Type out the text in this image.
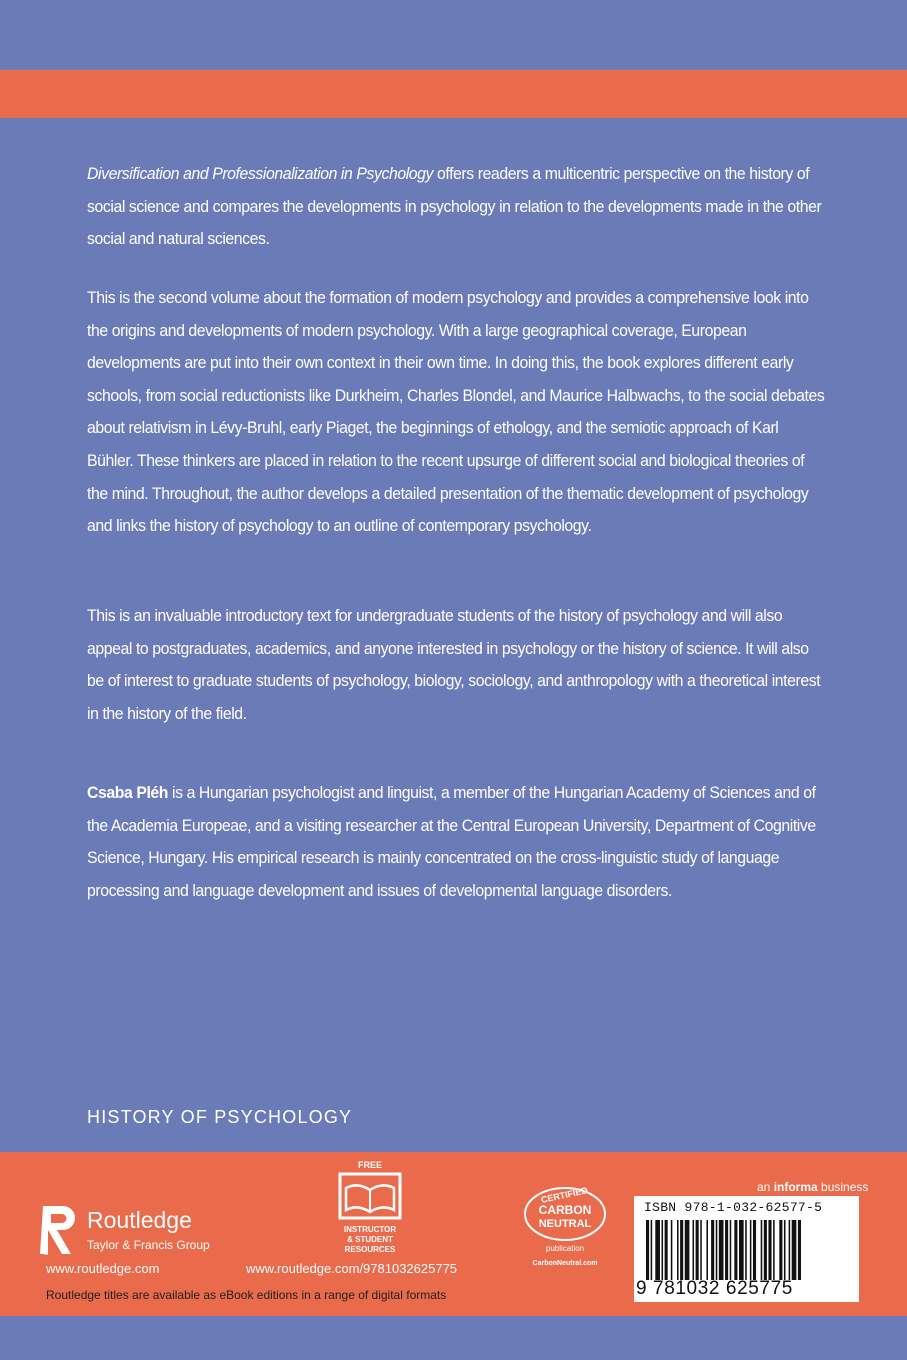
Diversification and Professionalization in Psychology offers readers a multicentric perspective on the history of social science and compares the developments in psychology in relation to the developments made in the other social and natural sciences.

This is the second volume about the formation of modern psychology and provides a comprehensive look into the origins and developments of modern psychology. With a large geographical coverage, European developments are put into their own context in their own time. In doing this, the book explores different early schools, from social reductionists like Durkheim, Charles Blondel, and Maurice Halbwachs, to the social debates about relativism in Lévy-Bruhl, early Piaget, the beginnings of ethology, and the semiotic approach of Karl Bühler. These thinkers are placed in relation to the recent upsurge of different social and biological theories of the mind. Throughout, the author develops a detailed presentation of the thematic development of psychology and links the history of psychology to an outline of contemporary psychology.

This is an invaluable introductory text for undergraduate students of the history of psychology and will also appeal to postgraduates, academics, and anyone interested in psychology or the history of science. It will also be of interest to graduate students of psychology, biology, sociology, and anthropology with a theoretical interest in the history of the field.

Csaba Pléh is a Hungarian psychologist and linguist, a member of the Hungarian Academy of Sciences and of the Academia Europeae, and a visiting researcher at the Central European University, Department of Cognitive Science, Hungary. His empirical research is mainly concentrated on the cross-linguistic study of language processing and language development and issues of developmental language disorders.

HISTORY OF PSYCHOLOGY
ROUTLEDGE
Routledge
Taylor & Francis Group
www.routledge.com
FREE
INSTRUCTOR
& STUDENT
RESOURCES
www.routledge.com/9781032625775
CERTIFIED
CARBON
NEUTRAL
publication
CarbonNeutral.com
an informa business
ISBN 978-1-032-62577-5
9 781032 625775
Routledge titles are available as eBook editions in a range of digital formats
